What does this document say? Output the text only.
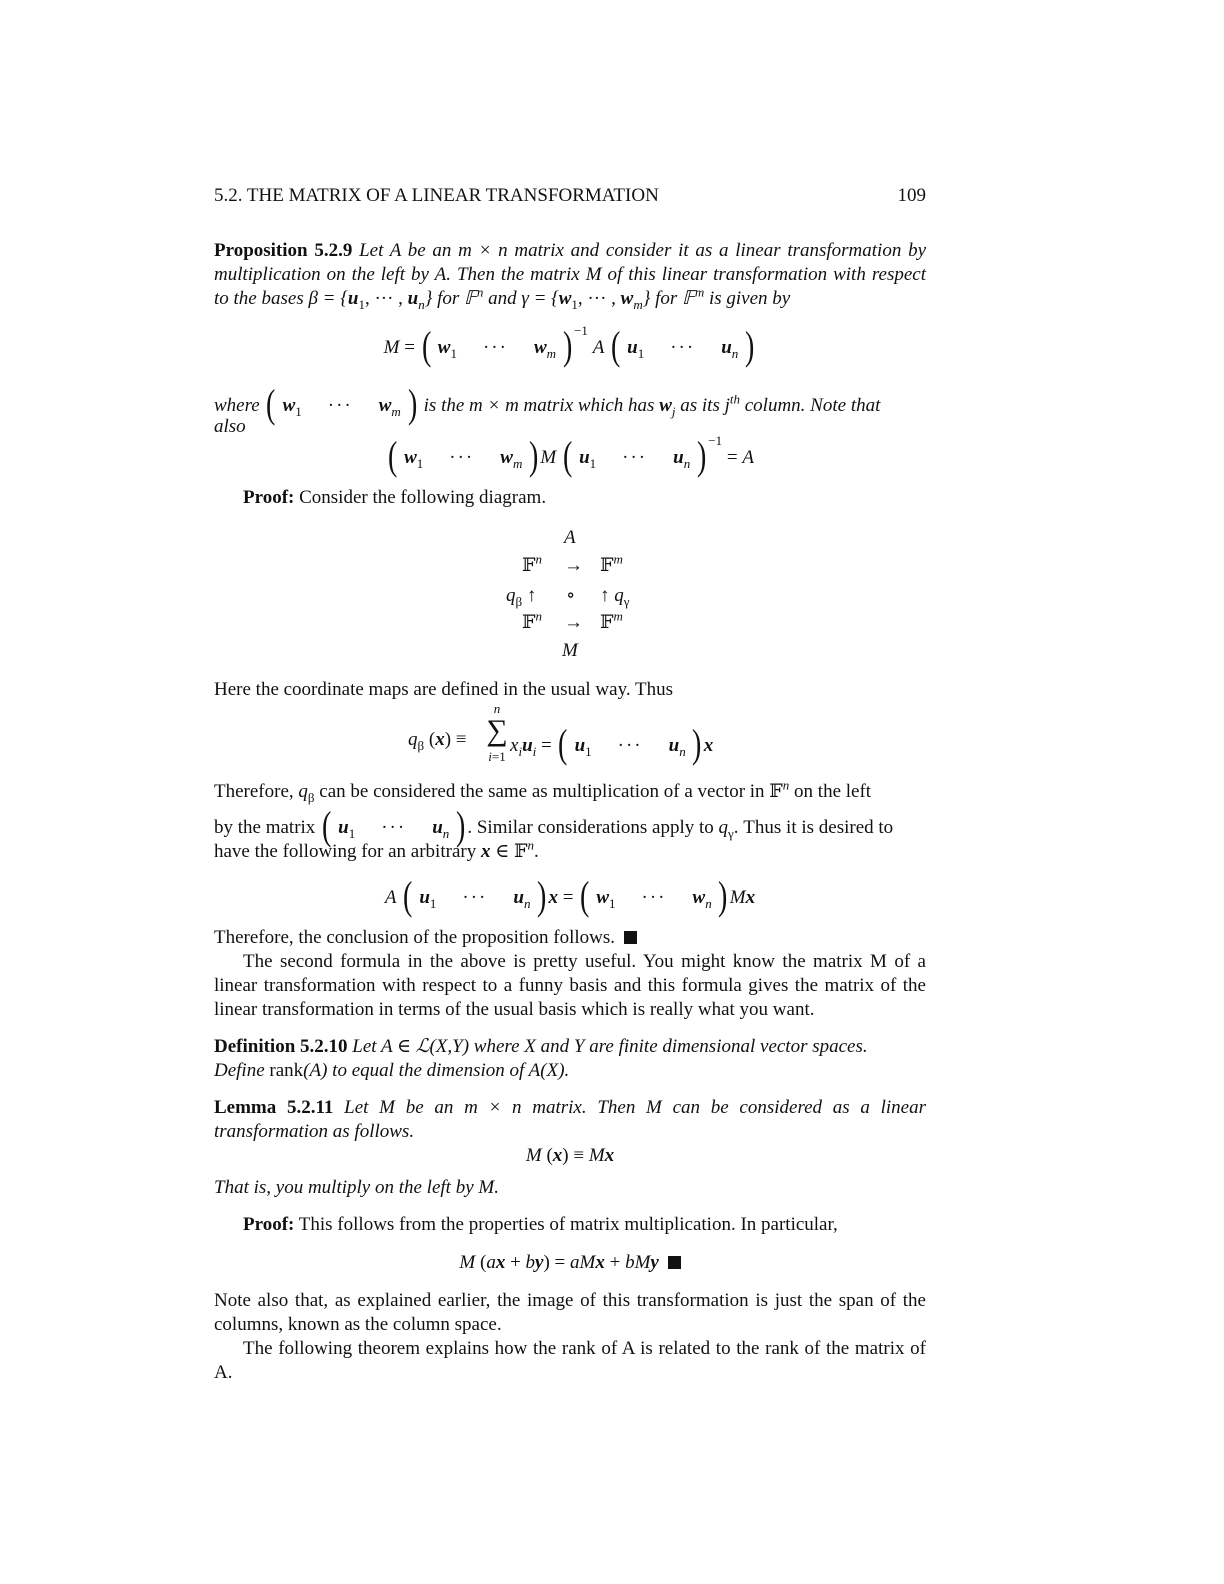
5.2. THE MATRIX OF A LINEAR TRANSFORMATION	109
Proposition 5.2.9 Let A be an m × n matrix and consider it as a linear transformation by multiplication on the left by A. Then the matrix M of this linear transformation with respect to the bases $\beta = \{u_1$, ··· , $u_n$} for 𝔽$^n$ and $\gamma = \{w_1$, ··· , $w_m$} for 𝔽$^m$ is given by
M = ( $w_1$ ··· $w_m$ ) $^{-1}$ A ( $u_1$ ··· $u_n$ )
where ( $w_1$ ··· $w_m$ ) is the m × m matrix which has $w_j$ as its $j^{th}$ column. Note that
also
( $w_1$ ··· $w_m$ ) M ( $u_1$ ··· $u_n$ ) $^{-1}$ = A
Proof: Consider the following diagram.
A
𝔽$^n$ → 𝔽$^m$
$q_\beta$ ↑ ∘ ↑ $q_\gamma$
𝔽$^n$ → 𝔽$^m$
M
Here the coordinate maps are defined in the usual way. Thus
$q_\beta$ (x) ≡
n
∑
i=1
$x_iu_i$ = ( $u_1$ ··· $u_n$ ) x
Therefore, $q_\beta$ can be considered the same as multiplication of a vector in 𝔽$^n$ on the left
by the matrix ( $u_1$ ··· $u_n$ ) . Similar considerations apply to $q_\gamma$. Thus it is desired to
have the following for an arbitrary x ∈ 𝔽$^n$.
A ( $u_1$ ··· $u_n$ ) x = ( $w_1$ ··· $w_n$ ) Mx
Therefore, the conclusion of the proposition follows.
The second formula in the above is pretty useful. You might know the matrix M of a linear transformation with respect to a funny basis and this formula gives the matrix of the linear transformation in terms of the usual basis which is really what you want.
Definition 5.2.10 Let A ∈ ℒ(X,Y) where X and Y are finite dimensional vector spaces.
Define rank(A) to equal the dimension of A(X).
Lemma 5.2.11 Let M be an m × n matrix. Then M can be considered as a linear transformation as follows.
M (x) ≡ Mx
That is, you multiply on the left by M.
Proof: This follows from the properties of matrix multiplication. In particular,
M (ax + by) = aMx + bMy
Note also that, as explained earlier, the image of this transformation is just the span of the columns, known as the column space.
The following theorem explains how the rank of A is related to the rank of the matrix of A.
